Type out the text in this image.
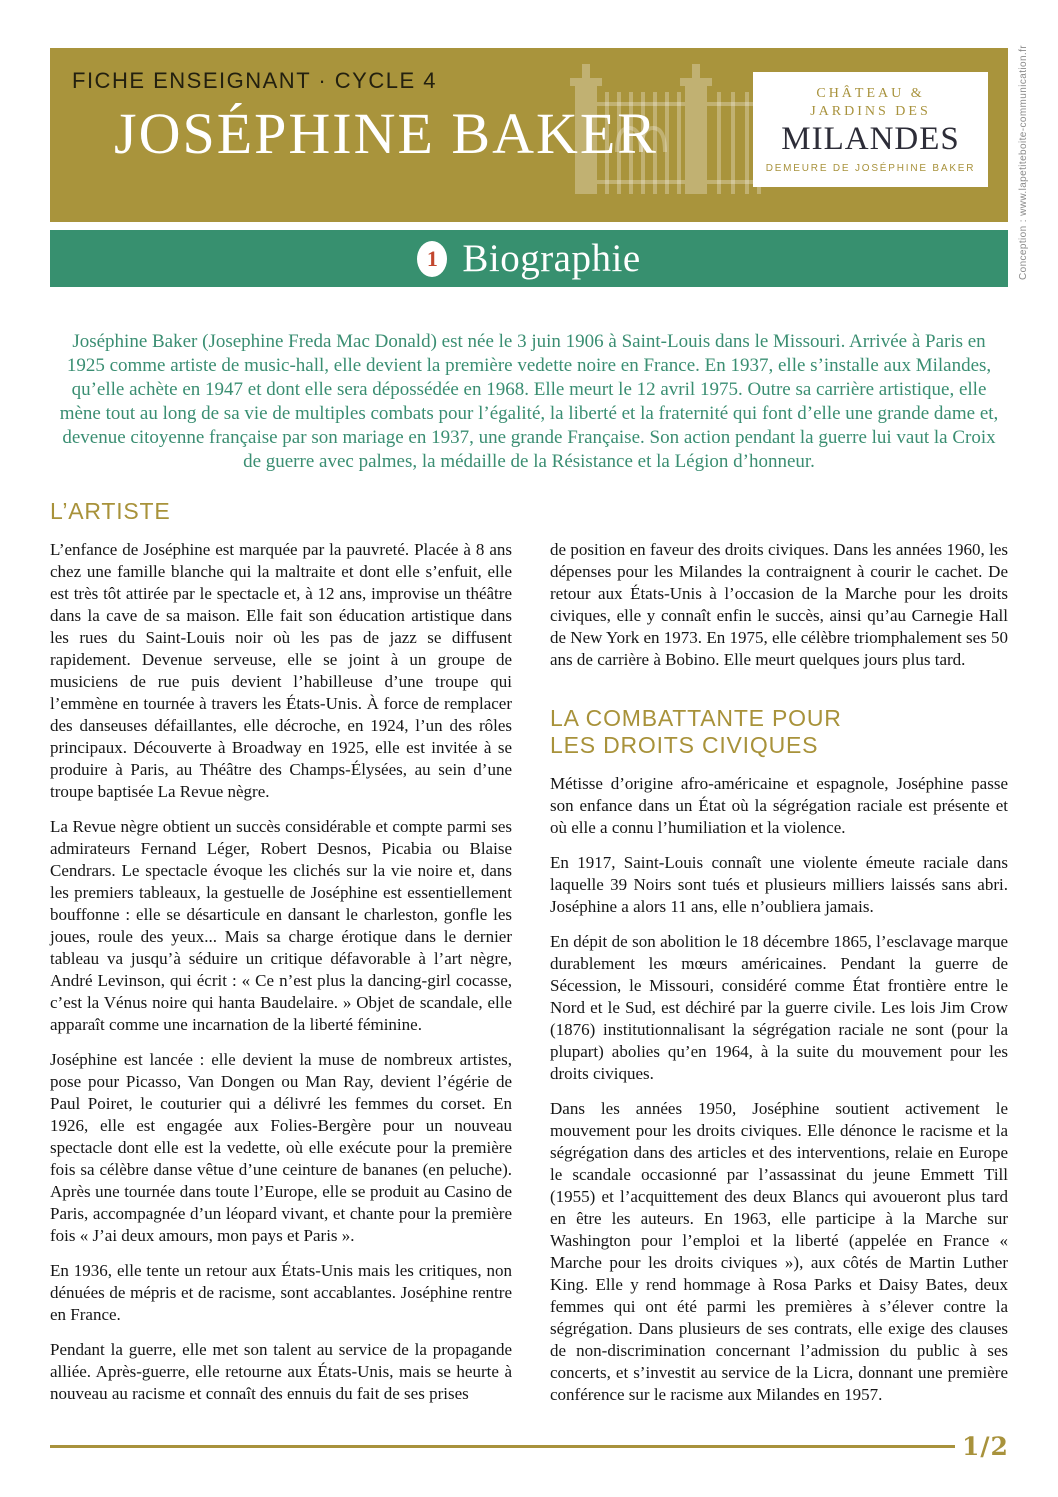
FICHE ENSEIGNANT · CYCLE 4
JOSÉPHINE BAKER
CHÂTEAU &
JARDINS DES
MILANDES
DEMEURE DE JOSÉPHINE BAKER	Conception : www.lapetiteboite-communication.fr
1 Biographie
Joséphine Baker (Josephine Freda Mac Donald) est née le 3 juin 1906 à Saint-Louis dans le Missouri. Arrivée à Paris en 1925 comme artiste de music-hall, elle devient la première vedette noire en France. En 1937, elle s’installe aux Milandes, qu’elle achète en 1947 et dont elle sera dépossédée en 1968. Elle meurt le 12 avril 1975. Outre sa carrière artistique, elle mène tout au long de sa vie de multiples combats pour l’égalité, la liberté et la fraternité qui font d’elle une grande dame et, devenue citoyenne française par son mariage en 1937, une grande Française. Son action pendant la guerre lui vaut la Croix de guerre avec palmes, la médaille de la Résistance et la Légion d’honneur.
L’ARTISTE

L’enfance de Joséphine est marquée par la pauvreté. Placée à 8 ans chez une famille blanche qui la maltraite et dont elle s’enfuit, elle est très tôt attirée par le spectacle et, à 12 ans, improvise un théâtre dans la cave de sa maison. Elle fait son éducation artistique dans les rues du Saint-Louis noir où les pas de jazz se diffusent rapidement. Devenue serveuse, elle se joint à un groupe de musiciens de rue puis devient l’habilleuse d’une troupe qui l’emmène en tournée à travers les États-Unis. À force de remplacer des danseuses défaillantes, elle décroche, en 1924, l’un des rôles principaux. Découverte à Broadway en 1925, elle est invitée à se produire à Paris, au Théâtre des Champs-Élysées, au sein d’une troupe baptisée La Revue nègre.

La Revue nègre obtient un succès considérable et compte parmi ses admirateurs Fernand Léger, Robert Desnos, Picabia ou Blaise Cendrars. Le spectacle évoque les clichés sur la vie noire et, dans les premiers tableaux, la gestuelle de Joséphine est essentiellement bouffonne : elle se désarticule en dansant le charleston, gonfle les joues, roule des yeux... Mais sa charge érotique dans le dernier tableau va jusqu’à séduire un critique défavorable à l’art nègre, André Levinson, qui écrit : « Ce n’est plus la dancing-girl cocasse, c’est la Vénus noire qui hanta Baudelaire. » Objet de scandale, elle apparaît comme une incarnation de la liberté féminine.

Joséphine est lancée : elle devient la muse de nombreux artistes, pose pour Picasso, Van Dongen ou Man Ray, devient l’égérie de Paul Poiret, le couturier qui a délivré les femmes du corset. En 1926, elle est engagée aux Folies-Bergère pour un nouveau spectacle dont elle est la vedette, où elle exécute pour la première fois sa célèbre danse vêtue d’une ceinture de bananes (en peluche). Après une tournée dans toute l’Europe, elle se produit au Casino de Paris, accompagnée d’un léopard vivant, et chante pour la première fois « J’ai deux amours, mon pays et Paris ».

En 1936, elle tente un retour aux États-Unis mais les critiques, non dénuées de mépris et de racisme, sont accablantes. Joséphine rentre en France.

Pendant la guerre, elle met son talent au service de la propagande alliée. Après-guerre, elle retourne aux États-Unis, mais se heurte à nouveau au racisme et connaît des ennuis du fait de ses prises

de position en faveur des droits civiques. Dans les années 1960, les dépenses pour les Milandes la contraignent à courir le cachet. De retour aux États-Unis à l’occasion de la Marche pour les droits civiques, elle y connaît enfin le succès, ainsi qu’au Carnegie Hall de New York en 1973. En 1975, elle célèbre triomphalement ses 50 ans de carrière à Bobino. Elle meurt quelques jours plus tard.

LA COMBATTANTE POUR LES DROITS CIVIQUES

Métisse d’origine afro-américaine et espagnole, Joséphine passe son enfance dans un État où la ségrégation raciale est présente et où elle a connu l’humiliation et la violence.

En 1917, Saint-Louis connaît une violente émeute raciale dans laquelle 39 Noirs sont tués et plusieurs milliers laissés sans abri. Joséphine a alors 11 ans, elle n’oubliera jamais.

En dépit de son abolition le 18 décembre 1865, l’esclavage marque durablement les mœurs américaines. Pendant la guerre de Sécession, le Missouri, considéré comme État frontière entre le Nord et le Sud, est déchiré par la guerre civile. Les lois Jim Crow (1876) institutionnalisant la ségrégation raciale ne sont (pour la plupart) abolies qu’en 1964, à la suite du mouvement pour les droits civiques.

Dans les années 1950, Joséphine soutient activement le mouvement pour les droits civiques. Elle dénonce le racisme et la ségrégation dans des articles et des interventions, relaie en Europe le scandale occasionné par l’assassinat du jeune Emmett Till (1955) et l’acquittement des deux Blancs qui avoueront plus tard en être les auteurs. En 1963, elle participe à la Marche sur Washington pour l’emploi et la liberté (appelée en France « Marche pour les droits civiques »), aux côtés de Martin Luther King. Elle y rend hommage à Rosa Parks et Daisy Bates, deux femmes qui ont été parmi les premières à s’élever contre la ségrégation. Dans plusieurs de ses contrats, elle exige des clauses de non-discrimination concernant l’admission du public à ses concerts, et s’investit au service de la Licra, donnant une première conférence sur le racisme aux Milandes en 1957.

1/2
